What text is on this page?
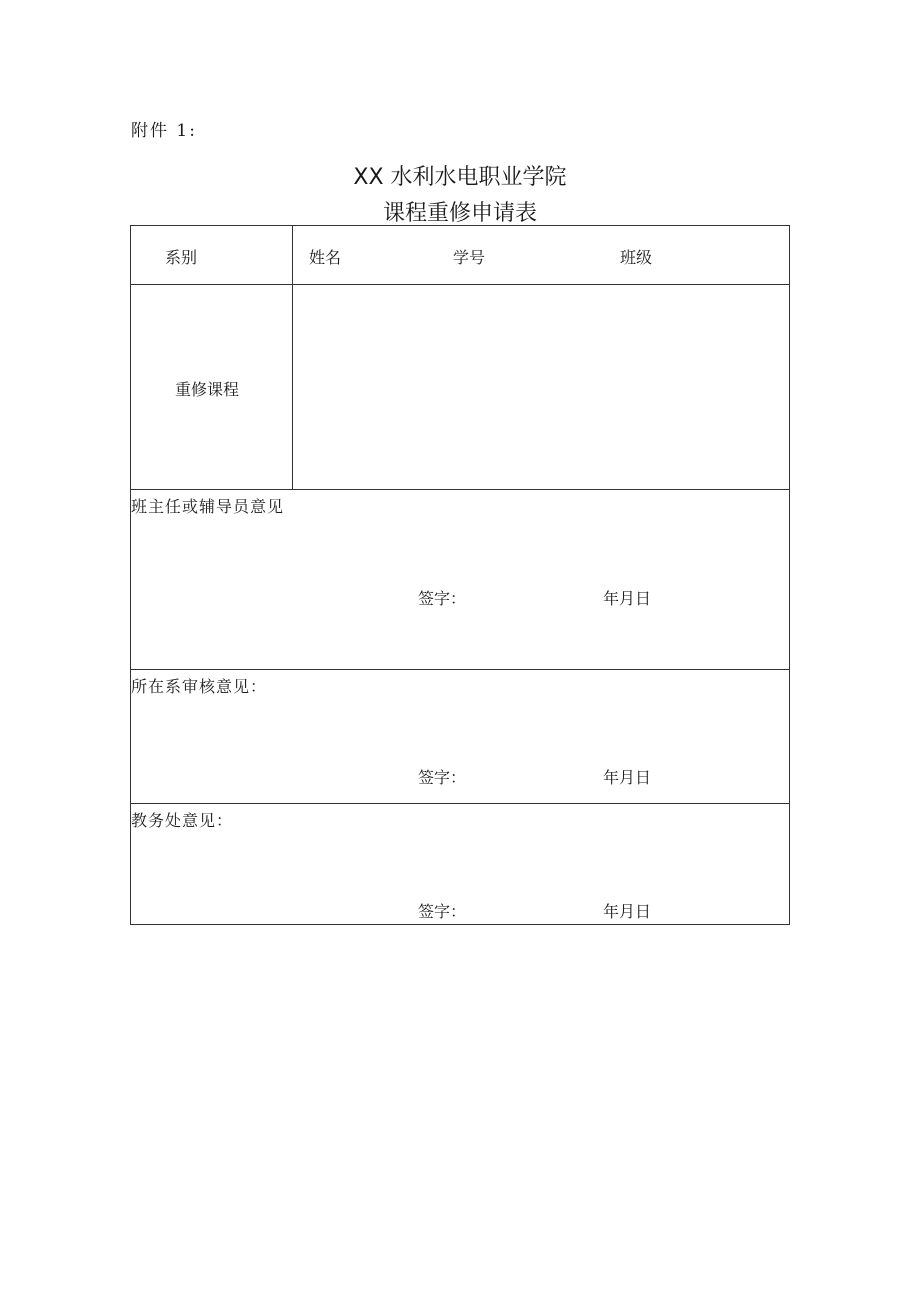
附件 1:
XX 水利水电职业学院
课程重修申请表
系别	姓名	学号	班级
重修课程
班主任或辅导员意见
签字：	年月日
所在系审核意见：
签字：	年月日
教务处意见：
签字：	年月日
